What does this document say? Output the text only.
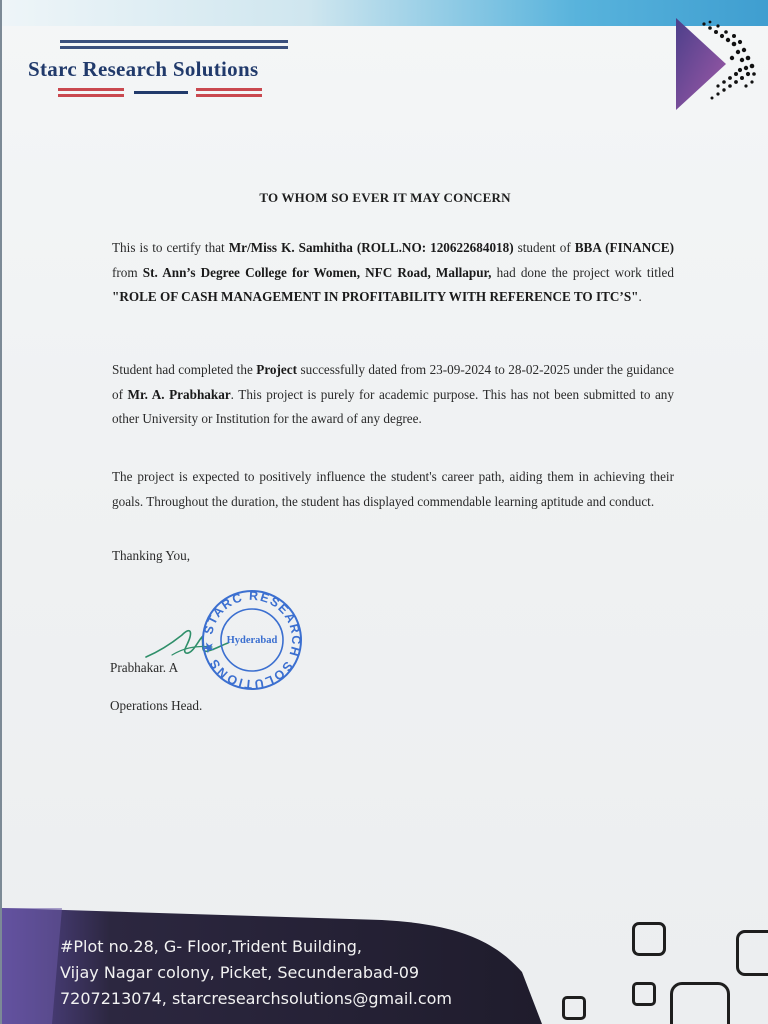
Starc Research Solutions
TO WHOM SO EVER IT MAY CONCERN
This is to certify that Mr/Miss K. Samhitha (ROLL.NO: 120622684018) student of BBA (FINANCE) from St. Ann’s Degree College for Women, NFC Road, Mallapur, had done the project work titled "ROLE OF CASH MANAGEMENT IN PROFITABILITY WITH REFERENCE TO ITC’S".
Student had completed the Project successfully dated from 23-09-2024 to 28-02-2025 under the guidance of Mr. A. Prabhakar. This project is purely for academic purpose. This has not been submitted to any other University or Institution for the award of any degree.
The project is expected to positively influence the student's career path, aiding them in achieving their goals. Throughout the duration, the student has displayed commendable learning aptitude and conduct.
Thanking You,
STARC RESEARCH SOLUTIONS ★ Hyderabad
Prabhakar. A
Operations Head.
#Plot no.28, G- Floor,Trident Building,
Vijay Nagar colony, Picket, Secunderabad-09
7207213074, starcresearchsolutions@gmail.com
